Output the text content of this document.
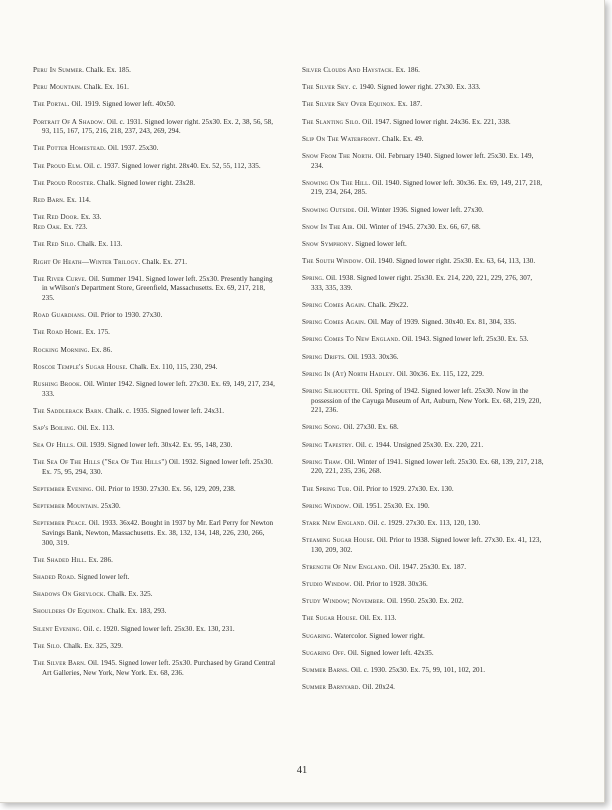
Peru In Summer. Chalk. Ex. 185.

Peru Mountain. Chalk. Ex. 161.

The Portal. Oil. 1919. Signed lower left. 40x50.

Portrait Of A Shadow. Oil. c. 1931. Signed lower right. 25x30. Ex. 2, 38, 56, 58, 93, 115, 167, 175, 216, 218, 237, 243, 269, 294.

The Potter Homestead. Oil. 1937. 25x30.

The Proud Elm. Oil. c. 1937. Signed lower right. 28x40. Ex. 52, 55, 112, 335.

The Proud Rooster. Chalk. Signed lower right. 23x28.

Red Barn. Ex. 114.

The Red Door. Ex. 33.

Red Oak. Ex. ?23.

The Red Silo. Chalk. Ex. 113.

Right Of Heath—Winter Trilogy. Chalk. Ex. 271.

The River Curve. Oil. Summer 1941. Signed lower left. 25x30. Presently hanging in wWilson's Department Store, Greenfield, Massachusetts. Ex. 69, 217, 218, 235.

Road Guardians. Oil. Prior to 1930. 27x30.

The Road Home. Ex. 175.

Rocking Morning. Ex. 86.

Roscoe Temple's Sugar House. Chalk. Ex. 110, 115, 230, 294.

Rushing Brook. Oil. Winter 1942. Signed lower left. 27x30. Ex. 69, 149, 217, 234, 333.

The Saddleback Barn. Chalk. c. 1935. Signed lower left. 24x31.

Sap's Boiling. Oil. Ex. 113.

Sea Of Hills. Oil. 1939. Signed lower left. 30x42. Ex. 95, 148, 230.

The Sea Of The Hills ("Sea Of The Hills") Oil. 1932. Signed lower left. 25x30. Ex. 75, 95, 294, 330.

September Evening. Oil. Prior to 1930. 27x30. Ex. 56, 129, 209, 238.

September Mountain. 25x30.

September Peace. Oil. 1933. 36x42. Bought in 1937 by Mr. Earl Perry for Newton Savings Bank, Newton, Massachusetts. Ex. 38, 132, 134, 148, 226, 230, 266, 300, 319.

The Shaded Hill. Ex. 286.

Shaded Road. Signed lower left.

Shadows On Greylock. Chalk. Ex. 325.

Shoulders Of Equinox. Chalk. Ex. 183, 293.

Silent Evening. Oil. c. 1920. Signed lower left. 25x30. Ex. 130, 231.

The Silo. Chalk. Ex. 325, 329.

The Silver Barn. Oil. 1945. Signed lower left. 25x30. Purchased by Grand Central Art Galleries, New York, New York. Ex. 68, 236.

Silver Clouds And Haystack. Ex. 186.

The Silver Sky. c. 1940. Signed lower right. 27x30. Ex. 333.

The Silver Sky Over Equinox. Ex. 187.

The Slanting Silo. Oil. 1947. Signed lower right. 24x36. Ex. 221, 338.

Slip On The Waterfront. Chalk. Ex. 49.

Snow From The North. Oil. February 1940. Signed lower left. 25x30. Ex. 149, 234.

Snowing On The Hill. Oil. 1940. Signed lower left. 30x36. Ex. 69, 149, 217, 218, 219, 234, 264, 285.

Snowing Outside. Oil. Winter 1936. Signed lower left. 27x30.

Snow In The Air. Oil. Winter of 1945. 27x30. Ex. 66, 67, 68.

Snow Symphony. Signed lower left.

The South Window. Oil. 1940. Signed lower right. 25x30. Ex. 63, 64, 113, 130.

Spring. Oil. 1938. Signed lower right. 25x30. Ex. 214, 220, 221, 229, 276, 307, 333, 335, 339.

Spring Comes Again. Chalk. 29x22.

Spring Comes Again. Oil. May of 1939. Signed. 30x40. Ex. 81, 304, 335.

Spring Comes To New England. Oil. 1943. Signed lower left. 25x30. Ex. 53.

Spring Drifts. Oil. 1933. 30x36.

Spring In (At) North Hadley. Oil. 30x36. Ex. 115, 122, 229.

Spring Silhouette. Oil. Spring of 1942. Signed lower left. 25x30. Now in the possession of the Cayuga Museum of Art, Auburn, New York. Ex. 68, 219, 220, 221, 236.

Spring Song. Oil. 27x30. Ex. 68.

Spring Tapestry. Oil. c. 1944. Unsigned 25x30. Ex. 220, 221.

Spring Thaw. Oil. Winter of 1941. Signed lower left. 25x30. Ex. 68, 139, 217, 218, 220, 221, 235, 236, 268.

The Spring Tub. Oil. Prior to 1929. 27x30. Ex. 130.

Spring Window. Oil. 1951. 25x30. Ex. 190.

Stark New England. Oil. c. 1929. 27x30. Ex. 113, 120, 130.

Steaming Sugar House. Oil. Prior to 1938. Signed lower left. 27x30. Ex. 41, 123, 130, 209, 302.

Strength Of New England. Oil. 1947. 25x30. Ex. 187.

Studio Window. Oil. Prior to 1928. 30x36.

Study Window; November. Oil. 1950. 25x30. Ex. 202.

The Sugar House. Oil. Ex. 113.

Sugaring. Watercolor. Signed lower right.

Sugaring Off. Oil. Signed lower left. 42x35.

Summer Barns. Oil. c. 1930. 25x30. Ex. 75, 99, 101, 102, 201.

Summer Barnyard. Oil. 20x24.

41
